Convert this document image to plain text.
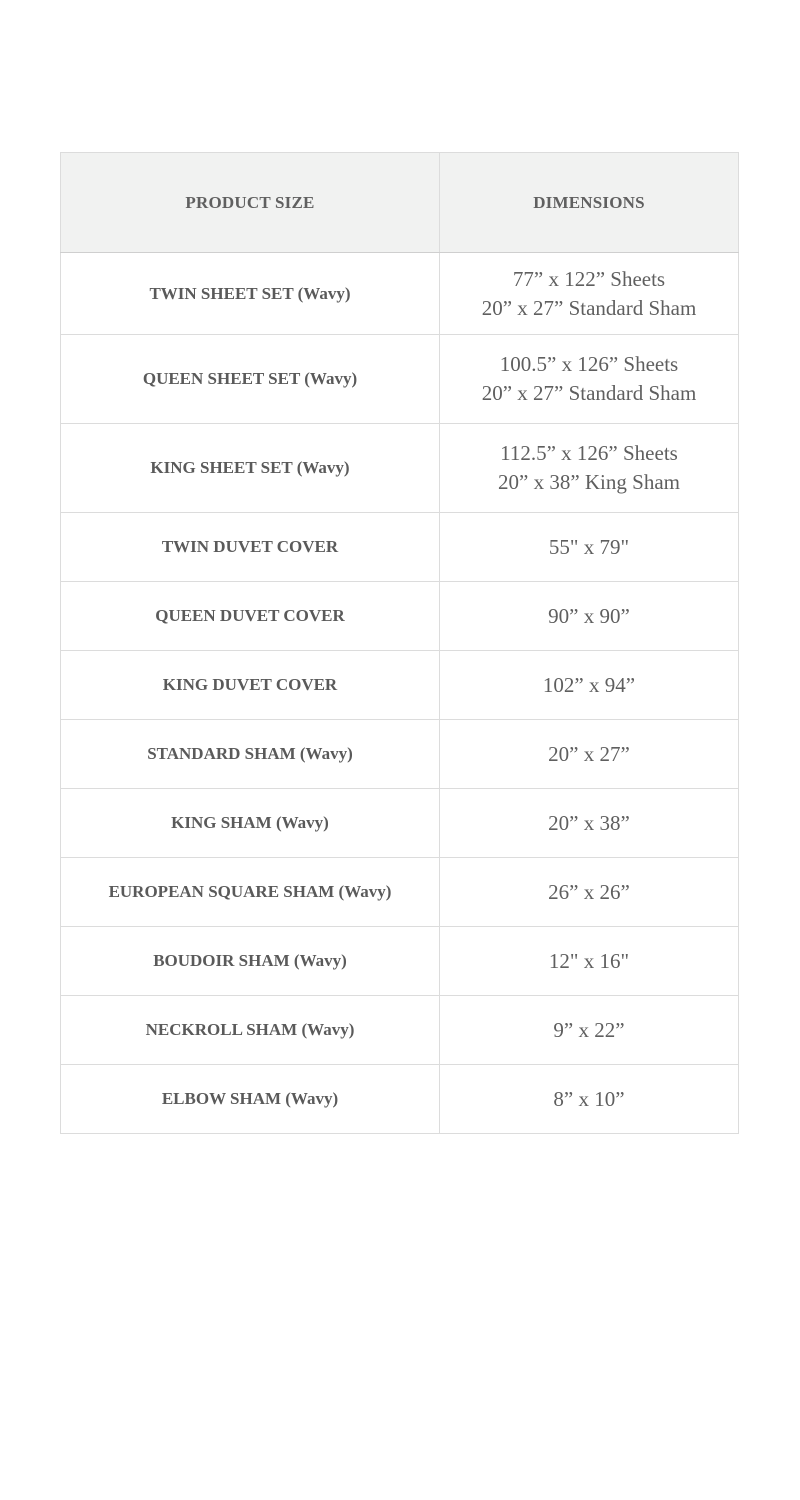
PRODUCT SIZE	DIMENSIONS
TWIN SHEET SET (Wavy)	77” x 122” Sheets
20” x 27” Standard Sham

QUEEN SHEET SET (Wavy)	100.5” x 126” Sheets
20” x 27” Standard Sham

KING SHEET SET (Wavy)	112.5” x 126” Sheets
20” x 38” King Sham

TWIN DUVET COVER	55" x 79"

QUEEN DUVET COVER	90” x 90”

KING DUVET COVER	102” x 94”

STANDARD SHAM (Wavy)	20” x 27”

KING SHAM (Wavy)	20” x 38”

EUROPEAN SQUARE SHAM (Wavy)	26” x 26”

BOUDOIR SHAM (Wavy)	12" x 16"

NECKROLL SHAM (Wavy)	9” x 22”

ELBOW SHAM (Wavy)	8” x 10”
